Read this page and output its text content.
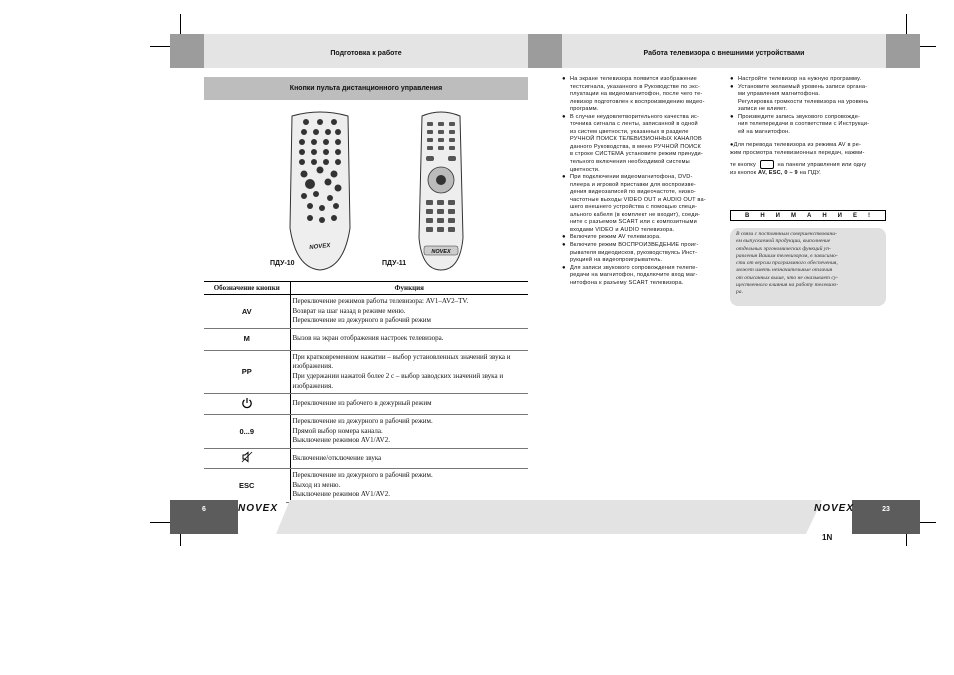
Подготовка к работе	Работа телевизора с внешними устройствами
Кнопки пульта дистанционного управления
NOVEX
NOVEX
ПДУ-10	ПДУ-11
Обозначение кнопки	Функция
AV	Переключение режимов работы телевизора: AV1–AV2–TV.
Возврат на шаг назад в режиме меню.
Переключение из дежурного в рабочий режим

M	Вызов на экран отображения настроек телевизора.

PP	При кратковременном нажатии – выбор установленных значений звука и изображения.
При удержании нажатой более 2 с – выбор заводских значений звука и изображения.

Переключение из рабочего в дежурный режим

0...9	Переключение из дежурного в рабочий режим.
Прямой выбор номера канала.
Выключение режимов AV1/AV2.

Включение/отключение звука

ESC	Переключение из дежурного в рабочий режим.
Выход из меню.
Выключение режимов AV1/AV2.
● На экране телевизора появится изображение
тестсигнала, указанного в Руководстве по экс-
плуатации на видеомагнитофон, после чего те-
левизор подготовлен к воспроизведению видео-
программ.
● В случае неудовлетворительного качества ис-
точника сигнала с ленты, записанной в одной
из систем цветности, указанных в разделе
РУЧНОЙ ПОИСК ТЕЛЕВИЗИОННЫХ КАНАЛОВ
данного Руководства, в меню РУЧНОЙ ПОИСК
в строке СИСТЕМА установите режим принуди-
тельного включения необходимой системы
цветности.
● При подключении видеомагнитофона, DVD-
плеера и игровой приставки для воспроизве-
дения видеозаписей по видеочастоте, низко-
частотные выходы VIDEO OUT и AUDIO OUT ва-
шего внешнего устройства с помощью специ-
ального кабеля (в комплект не входит), соеди-
ните с разъемом SCART или с композитными
входами VIDEO и AUDIO телевизора.
● Включите режим AV телевизора.
● Включите режим ВОСПРОИЗВЕДЕНИЕ проиг-
рывателя видеодисков, руководствуясь Инст-
рукцией на видеопроигрыватель.
● Для записи звукового сопровождения телепе-
редачи на магнитофон, подключите вход маг-
нитофона к разъему SCART телевизора.
● Настройте телевизор на нужную программу.
● Установите желаемый уровень записи органа-
ми управления магнитофона.
Регулировка громкости телевизора на уровень
записи не влияет.
● Произведите запись звукового сопровожде-
ния телепередачи в соответствии с Инструкци-
ей на магнитофон.
●Для перевода телевизора из режима AV в ре-
жим просмотра телевизионных передач, нажми-
те кнопку	на панели управления или одну
из кнопок AV, ESC, 0 – 9 на ПДУ.
ВНИМАНИЕ!
В связи с постоянным совершенствовани-
ем выпускаемой продукции, выполнение
отдельных эргономических функций уп-
равления Вашим телевизором, в зависимо-
сти от версии программного обеспечения,
может иметь незначительные отличия
от описанных выше, что не оказывает су-
щественного влияния на работу телевизо-
ра.
6	23
NOVEX	NOVEX
1N
